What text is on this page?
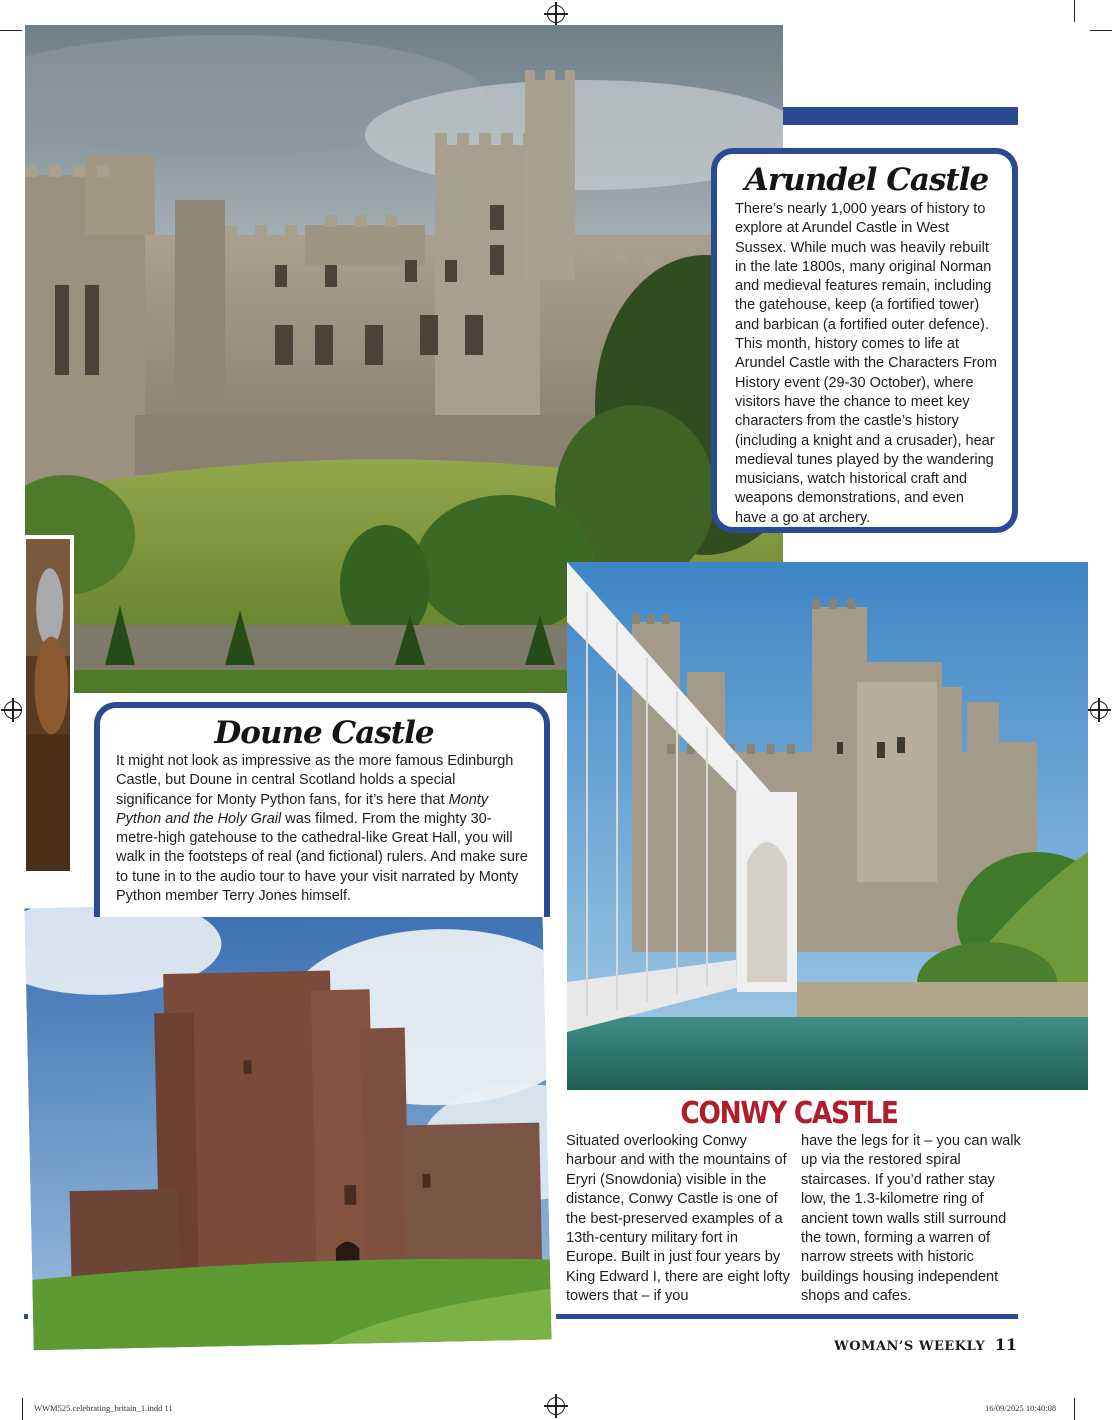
Arundel Castle
There’s nearly 1,000 years of history to explore at Arundel Castle in West Sussex. While much was heavily rebuilt in the late 1800s, many original Norman and medieval features remain, including the gatehouse, keep (a fortified tower) and barbican (a fortified outer defence). This month, history comes to life at Arundel Castle with the Characters From History event (29-30 October), where visitors have the chance to meet key characters from the castle’s history (including a knight and a crusader), hear medieval tunes played by the wandering musicians, watch historical craft and weapons demonstrations, and even have a go at archery.
Doune Castle
It might not look as impressive as the more famous Edinburgh Castle, but Doune in central Scotland holds a special significance for Monty Python fans, for it’s here that Monty Python and the Holy Grail was filmed. From the mighty 30-metre-high gatehouse to the cathedral-like Great Hall, you will walk in the footsteps of real (and fictional) rulers. And make sure to tune in to the audio tour to have your visit narrated by Monty Python member Terry Jones himself.
CONWY CASTLE
Situated overlooking Conwy harbour and with the mountains of Eryri (Snowdonia) visible in the distance, Conwy Castle is one of the best-preserved examples of a 13th-century military fort in Europe. Built in just four years by King Edward I, there are eight lofty towers that – if you
have the legs for it – you can walk up via the restored spiral staircases. If you’d rather stay low, the 1.3-kilometre ring of ancient town walls still surround the town, forming a warren of narrow streets with historic buildings housing independent shops and cafes.
WOMAN’S WEEKLY 11
WWM525.celebrating_britain_1.indd 11	16/09/2025 10:40:08
